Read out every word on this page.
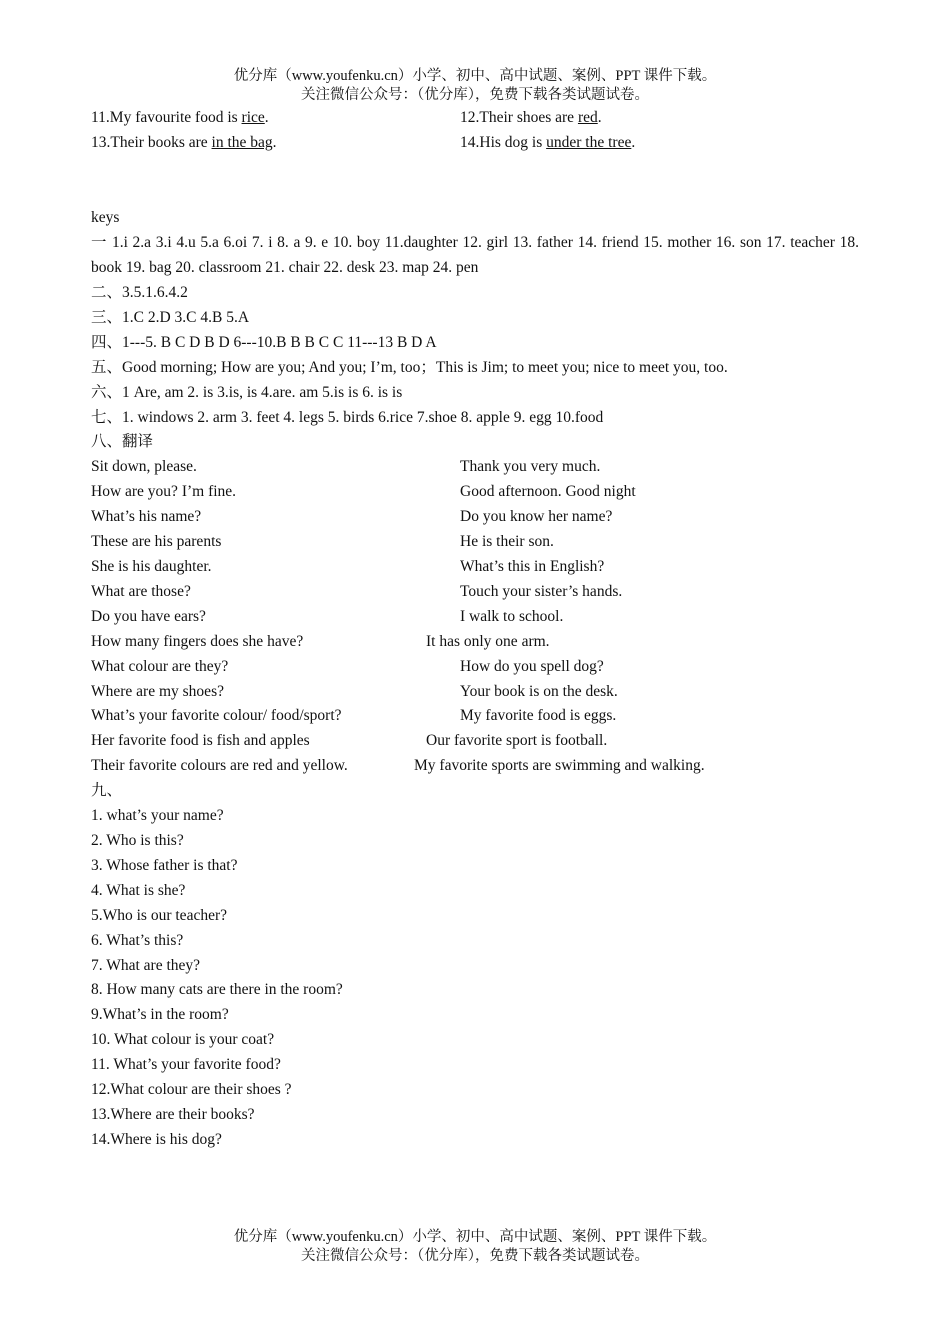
优分库（www.youfenku.cn）小学、初中、高中试题、案例、PPT 课件下载。
关注微信公众号：（优分库），免费下载各类试题试卷。
11.My favourite food is rice.	12.Their shoes are red.
13.Their books are in the bag.	14.His dog is under the tree.
keys
一 1.i 2.a 3.i 4.u 5.a 6.oi 7. i 8. a 9. e 10. boy 11.daughter 12. girl 13. father 14. friend 15. mother 16. son 17. teacher 18. book 19. bag 20. classroom 21. chair 22. desk 23. map 24. pen
二、3.5.1.6.4.2
三、1.C 2.D 3.C 4.B 5.A
四、1---5. B C D B D 6---10.B B B C C 11---13 B D A
五、Good morning; How are you; And you; I’m, too；This is Jim; to meet you; nice to meet you, too.
六、1 Are, am 2. is 3.is, is 4.are. am 5.is is 6. is is
七、1. windows 2. arm 3. feet 4. legs 5. birds 6.rice 7.shoe 8. apple 9. egg 10.food
八、翻译
Sit down, please.	Thank you very much.
How are you? I’m fine.	Good afternoon. Good night
What’s his name?	Do you know her name?
These are his parents	He is their son.
She is his daughter.	What’s this in English?
What are those?	Touch your sister’s hands.
Do you have ears?	I walk to school.
How many fingers does she have?	It has only one arm.
What colour are they?	How do you spell dog?
Where are my shoes?	Your book is on the desk.
What’s your favorite colour/ food/sport?	My favorite food is eggs.
Her favorite food is fish and apples	Our favorite sport is football.
Their favorite colours are red and yellow.	My favorite sports are swimming and walking.
九、
1. what’s your name?
2. Who is this?
3. Whose father is that?
4. What is she?
5.Who is our teacher?
6. What’s this?
7. What are they?
8. How many cats are there in the room?
9.What’s in the room?
10. What colour is your coat?
11. What’s your favorite food?
12.What colour are their shoes ?
13.Where are their books?
14.Where is his dog?
优分库（www.youfenku.cn）小学、初中、高中试题、案例、PPT 课件下载。
关注微信公众号：（优分库），免费下载各类试题试卷。
